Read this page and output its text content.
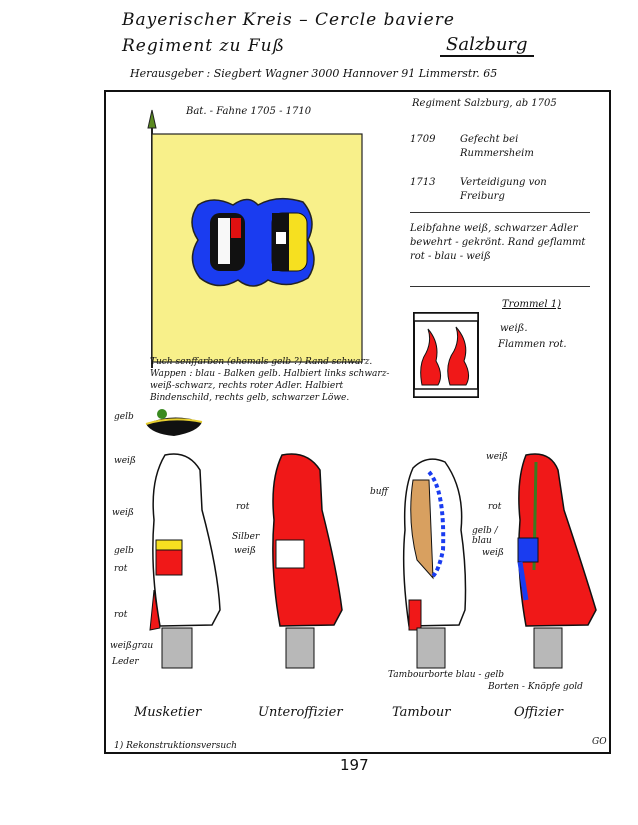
Bayerischer Kreis – Cercle baviere
Regiment zu Fuß	Salzburg
Herausgeber : Siegbert Wagner 3000 Hannover 91 Limmerstr. 65
Bat. - Fahne 1705 - 1710
Tuch senffarben (ehemals gelb ?) Rand schwarz. Wappen : blau - Balken gelb. Halbiert links schwarz-weiß-schwarz, rechts roter Adler. Halbiert Bindenschild, rechts gelb, schwarzer Löwe.
Regiment Salzburg, ab 1705
1709 Gefecht bei Rummersheim
1713 Verteidigung von Freiburg
Leibfahne weiß, schwarzer Adler bewehrt - gekrönt. Rand geflammt rot - blau - weiß
Trommel 1)
weiß.
Flammen rot.
gelb
weiß
weiß
gelb
rot
rot
weißgrau
Leder
rot
Silber
weiß
buff
weiß
rot
gelb / blau
weiß
Tambourborte blau - gelb
Borten - Knöpfe gold
Musketier	Unteroffizier	Tambour	Offizier
1) Rekonstruktionsversuch	GO
197
